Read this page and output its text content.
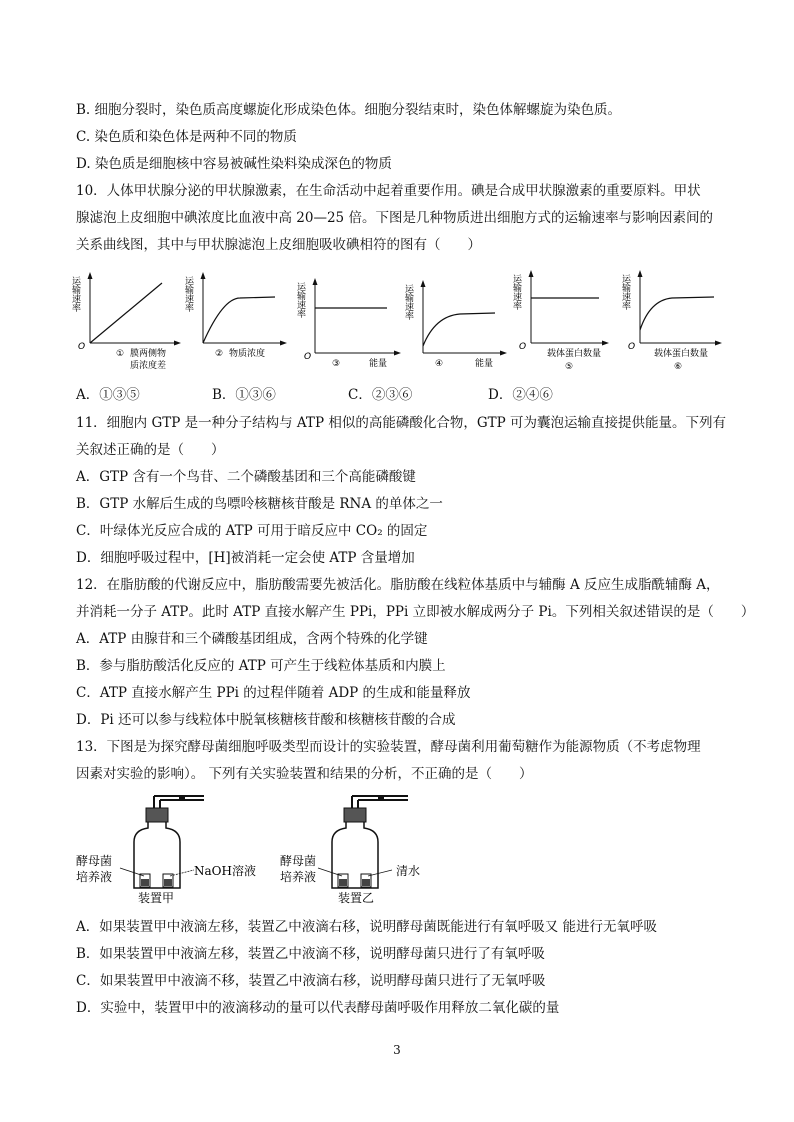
B. 细胞分裂时，染色质高度螺旋化形成染色体。细胞分裂结束时，染色体解螺旋为染色质。
C. 染色质和染色体是两种不同的物质
D. 染色质是细胞核中容易被碱性染料染成深色的物质
10．人体甲状腺分泌的甲状腺激素，在生命活动中起着重要作用。碘是合成甲状腺激素的重要原料。甲状
腺滤泡上皮细胞中碘浓度比血液中高 20—25 倍。下图是几种物质进出细胞方式的运输速率与影响因素间的
关系曲线图，其中与甲状腺滤泡上皮细胞吸收碘相符的图有（　　）
运输速率
O
① 膜两侧物
质浓度差
运输速率
② 物质浓度
运输速率
O
③	能量
运输速率
④	能量
运输速率
O
载体蛋白数量
⑤
运输速率
O
载体蛋白数量
⑥
A．①③⑤	B．①③⑥	C．②③⑥	D．②④⑥
11．细胞内 GTP 是一种分子结构与 ATP 相似的高能磷酸化合物，GTP 可为囊泡运输直接提供能量。下列有
关叙述正确的是（　　）
A．GTP 含有一个鸟苷、二个磷酸基团和三个高能磷酸键
B．GTP 水解后生成的鸟嘌呤核糖核苷酸是 RNA 的单体之一
C．叶绿体光反应合成的 ATP 可用于暗反应中 CO₂ 的固定
D．细胞呼吸过程中，[H]被消耗一定会使 ATP 含量增加
12．在脂肪酸的代谢反应中，脂肪酸需要先被活化。脂肪酸在线粒体基质中与辅酶 A 反应生成脂酰辅酶 A，
并消耗一分子 ATP。此时 ATP 直接水解产生 PPi，PPi 立即被水解成两分子 Pi。下列相关叙述错误的是（　　）
A．ATP 由腺苷和三个磷酸基团组成，含两个特殊的化学键
B．参与脂肪酸活化反应的 ATP 可产生于线粒体基质和内膜上
C．ATP 直接水解产生 PPi 的过程伴随着 ADP 的生成和能量释放
D．Pi 还可以参与线粒体中脱氧核糖核苷酸和核糖核苷酸的合成
13．下图是为探究酵母菌细胞呼吸类型而设计的实验装置，酵母菌利用葡萄糖作为能源物质（不考虑物理
因素对实验的影响）。 下列有关实验装置和结果的分析，不正确的是（　　）
酵母菌
培养液	NaOH溶液
装置甲
酵母菌
培养液	清水
装置乙
A．如果装置甲中液滴左移，装置乙中液滴右移，说明酵母菌既能进行有氧呼吸又 能进行无氧呼吸
B．如果装置甲中液滴左移，装置乙中液滴不移，说明酵母菌只进行了有氧呼吸
C．如果装置甲中液滴不移，装置乙中液滴右移，说明酵母菌只进行了无氧呼吸
D．实验中，装置甲中的液滴移动的量可以代表酵母菌呼吸作用释放二氧化碳的量
3
